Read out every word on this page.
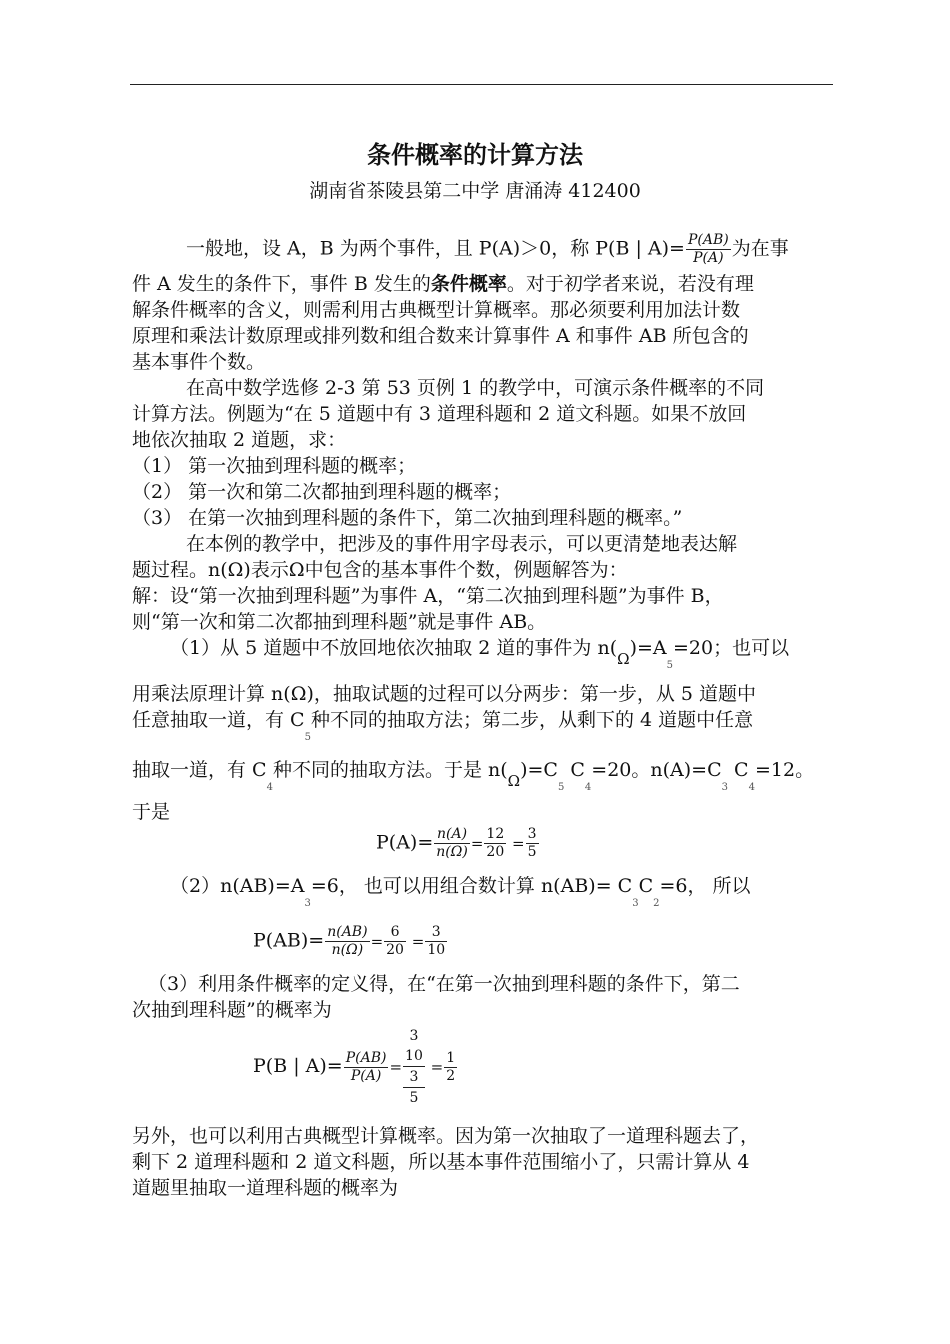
条件概率的计算方法
湖南省茶陵县第二中学 唐涌涛 412400
一般地，设 A，B 为两个事件，且 P(A)＞0，称 P(B | $A)= \frac{P(AB)}{P(A)}$ 为在事
件 A 发生的条件下，事件 B 发生的条件概率。对于初学者来说，若没有理
解条件概率的含义，则需利用古典概型计算概率。那必须要利用加法计数
原理和乘法计数原理或排列数和组合数来计算事件 A 和事件 AB 所包含的
基本事件个数。
在高中数学选修 2-3 第 53 页例 1 的教学中，可演示条件概率的不同
计算方法。例题为“在 5 道题中有 3 道理科题和 2 道文科题。如果不放回
地依次抽取 2 道题，求：
（1） 第一次抽到理科题的概率；
（2） 第一次和第二次都抽到理科题的概率；
（3） 在第一次抽到理科题的条件下，第二次抽到理科题的概率。”
在本例的教学中，把涉及的事件用字母表示，可以更清楚地表达解
题过程。n(Ω)表示Ω中包含的基本事件个数，例题解答为：
解：设“第一次抽到理科题”为事件 A，“第二次抽到理科题”为事件 B，
则“第一次和第二次都抽到理科题”就是事件 AB。
（1）从 5 道题中不放回地依次抽取 2 道的事件为 $n(_\Omega)=A_5=20$；也可以
用乘法原理计算 n(Ω)，抽取试题的过程可以分两步：第一步，从 5 道题中
任意抽取一道，有 $C_5$种不同的抽取方法；第二步，从剩下的 4 道题中任意
抽取一道，有 $C_4$种不同的抽取方法。于是 $n(_\Omega)=C_5$ $C_4=20$。$n(A)=C_3$ $C_4=12$。
于是
$P(A)= \frac{n(A)}{n(\Omega)} = \frac{12}{20} = \frac{3}{5}$
$(2)n(AB)=A_3=6$， 也可以用组合数计算 $n(AB)= C_3C_2=6$， 所以
$P(AB)= \frac{n(AB)}{n(\Omega)} = \frac{6}{20} = \frac{3}{10}$
（3）利用条件概率的定义得，在“在第一次抽到理科题的条件下，第二
次抽到理科题”的概率为
P(B | $A)= \frac{P(AB)}{P(A)}$ =
3
10
3
5
= $\frac{1}{2}$
另外，也可以利用古典概型计算概率。因为第一次抽取了一道理科题去了，
剩下 2 道理科题和 2 道文科题，所以基本事件范围缩小了，只需计算从 4
道题里抽取一道理科题的概率为
